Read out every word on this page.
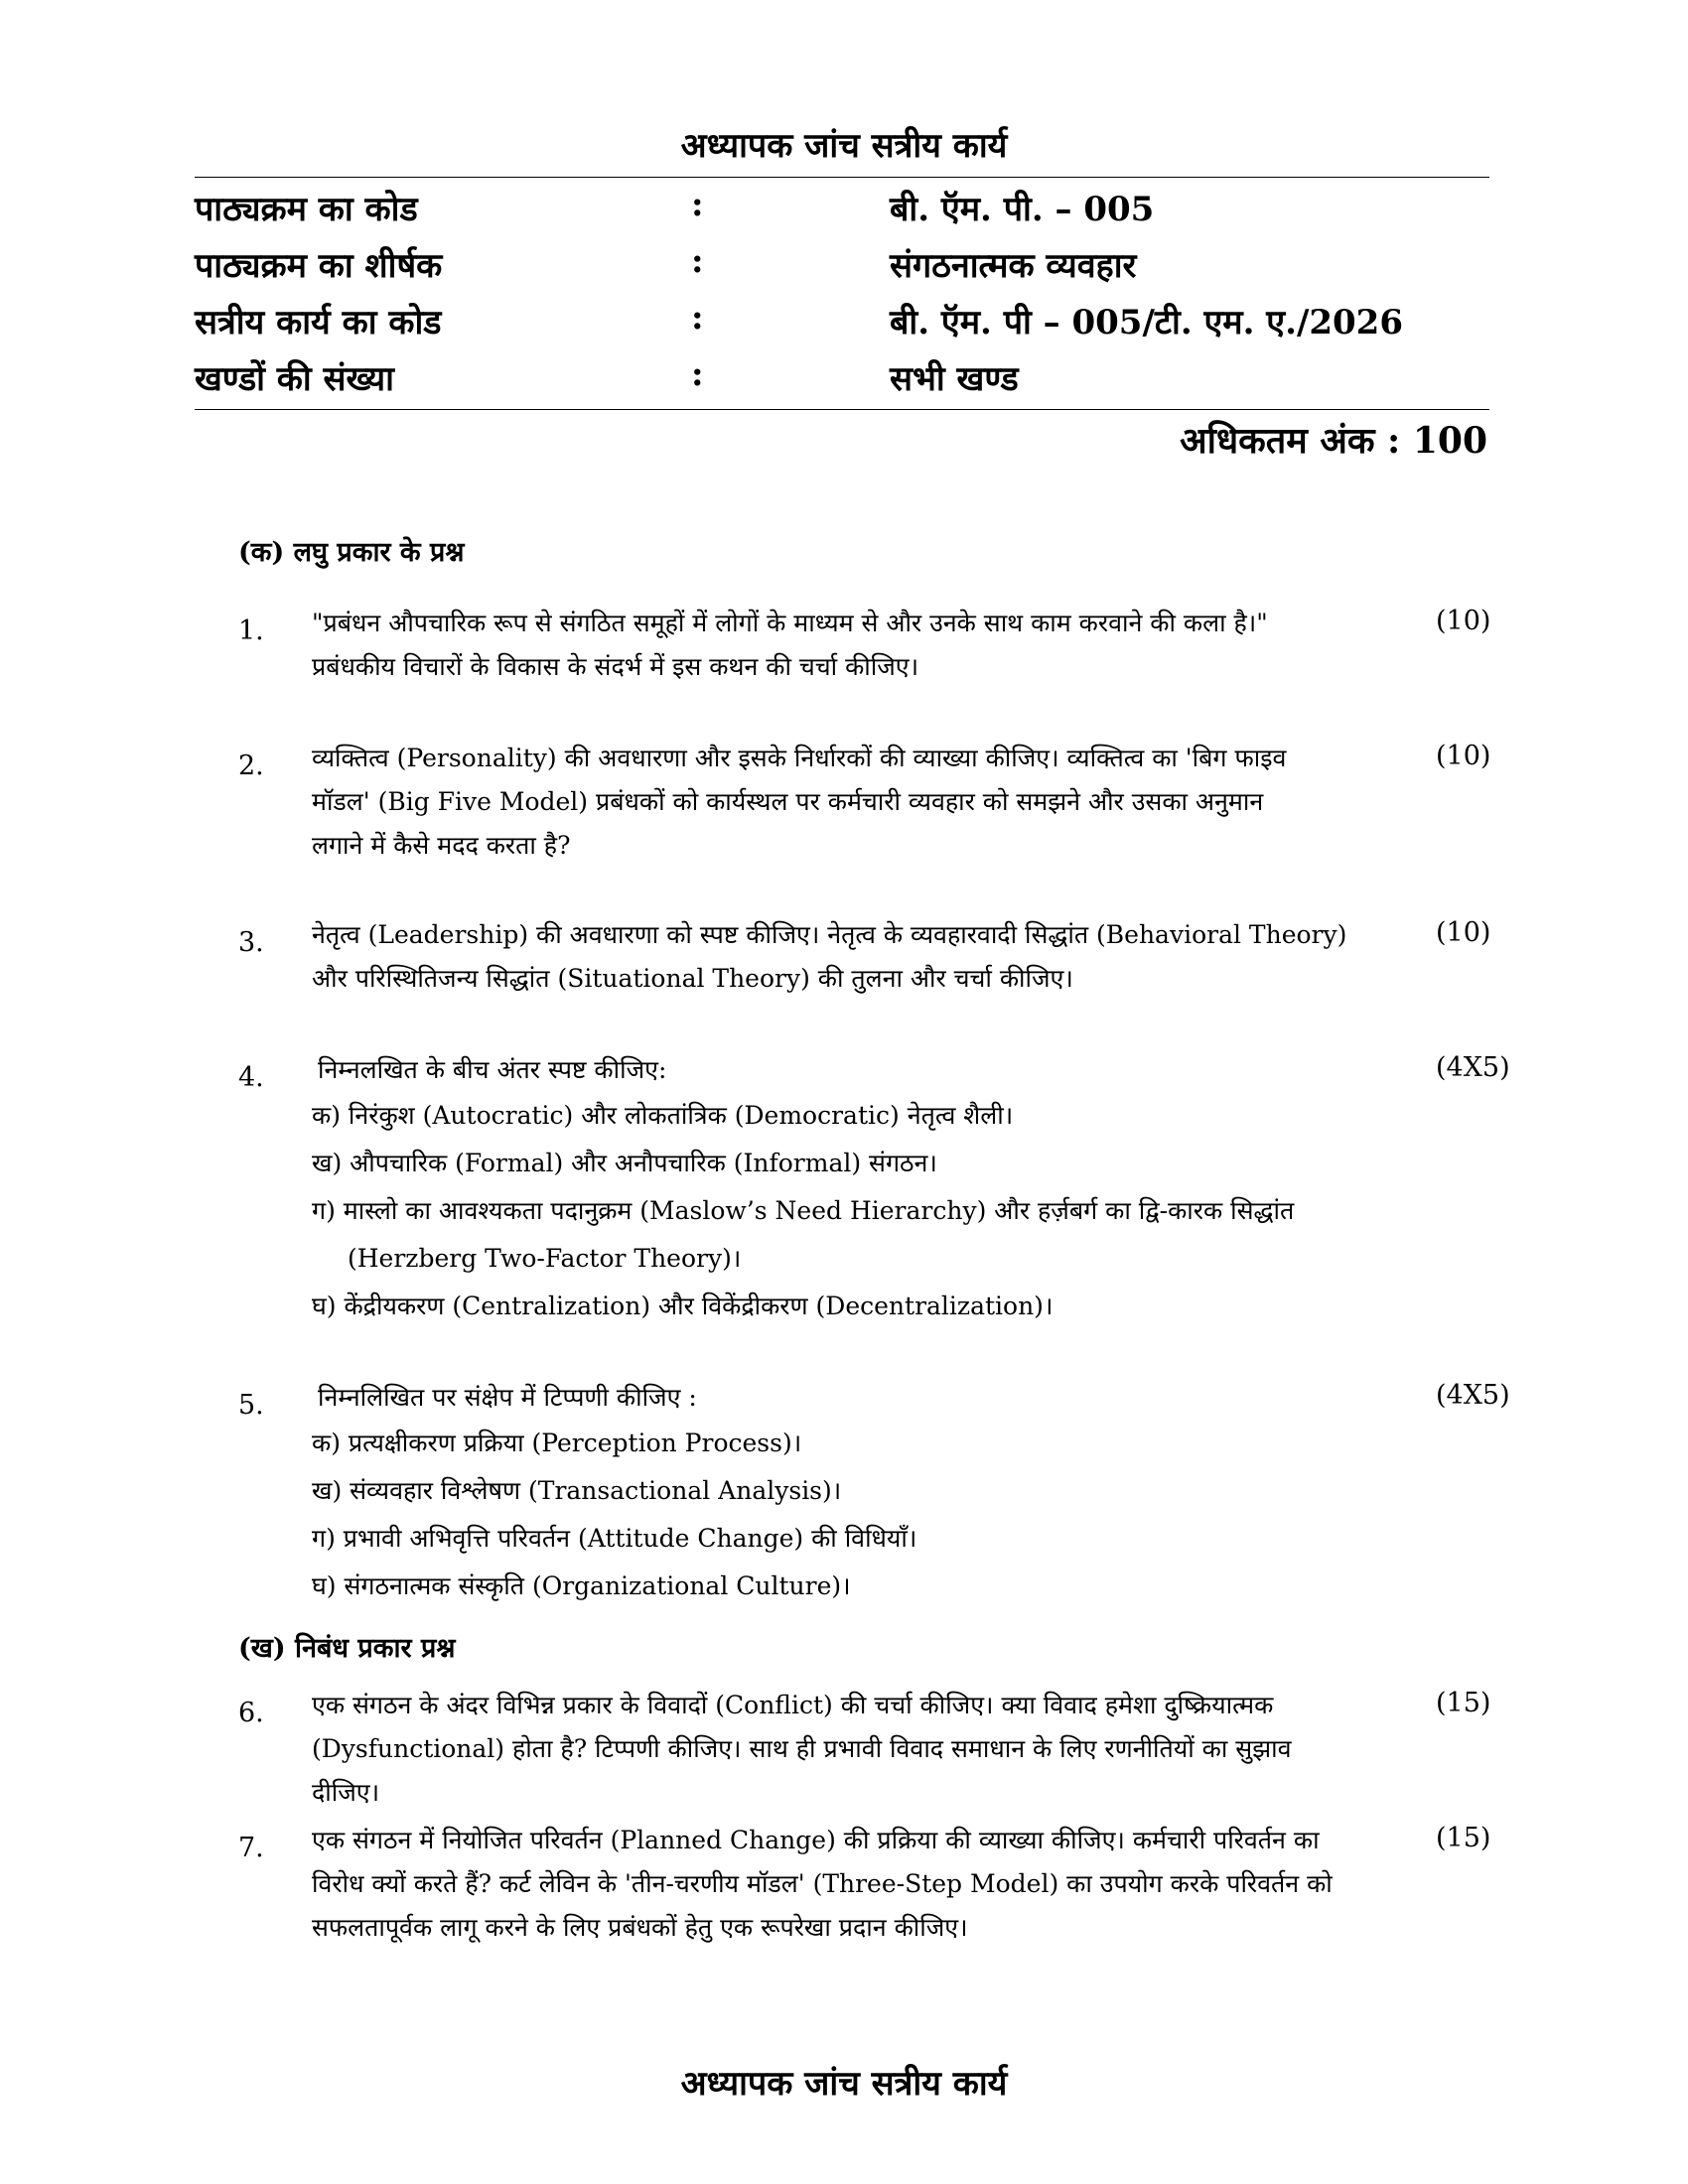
अध्यापक जांच सत्रीय कार्य
पाठ्यक्रम का कोड	:	बी. ऍम. पी. – 005
पाठ्यक्रम का शीर्षक	:	संगठनात्मक व्यवहार
सत्रीय कार्य का कोड	:	बी. ऍम. पी – 005/टी. एम. ए./2026
खण्डों की संख्या	:	सभी खण्ड
अधिकतम अंक : 100
(क) लघु प्रकार के प्रश्न
1. "प्रबंधन औपचारिक रूप से संगठित समूहों में लोगों के माध्यम से और उनके साथ काम करवाने की कला है।"
प्रबंधकीय विचारों के विकास के संदर्भ में इस कथन की चर्चा कीजिए।
(10)
2. व्यक्तित्व (Personality) की अवधारणा और इसके निर्धारकों की व्याख्या कीजिए। व्यक्तित्व का 'बिग फाइव
मॉडल' (Big Five Model) प्रबंधकों को कार्यस्थल पर कर्मचारी व्यवहार को समझने और उसका अनुमान
लगाने में कैसे मदद करता है?
(10)
3. नेतृत्व (Leadership) की अवधारणा को स्पष्ट कीजिए। नेतृत्व के व्यवहारवादी सिद्धांत (Behavioral Theory)
और परिस्थितिजन्य सिद्धांत (Situational Theory) की तुलना और चर्चा कीजिए।
(10)
4. निम्नलखित के बीच अंतर स्पष्ट कीजिए:
क) निरंकुश (Autocratic) और लोकतांत्रिक (Democratic) नेतृत्व शैली।
ख) औपचारिक (Formal) और अनौपचारिक (Informal) संगठन।
ग) मास्लो का आवश्यकता पदानुक्रम (Maslow’s Need Hierarchy) और हर्ज़बर्ग का द्वि-कारक सिद्धांत
(Herzberg Two-Factor Theory)।
घ) केंद्रीयकरण (Centralization) और विकेंद्रीकरण (Decentralization)।
(4X5)
5. निम्नलिखित पर संक्षेप में टिप्पणी कीजिए :
क) प्रत्यक्षीकरण प्रक्रिया (Perception Process)।
ख) संव्यवहार विश्लेषण (Transactional Analysis)।
ग) प्रभावी अभिवृत्ति परिवर्तन (Attitude Change) की विधियाँ।
घ) संगठनात्मक संस्कृति (Organizational Culture)।
(4X5)
(ख) निबंध प्रकार प्रश्न
6. एक संगठन के अंदर विभिन्न प्रकार के विवादों (Conflict) की चर्चा कीजिए। क्या विवाद हमेशा दुष्क्रियात्मक
(Dysfunctional) होता है? टिप्पणी कीजिए। साथ ही प्रभावी विवाद समाधान के लिए रणनीतियों का सुझाव
दीजिए।
(15)
7. एक संगठन में नियोजित परिवर्तन (Planned Change) की प्रक्रिया की व्याख्या कीजिए। कर्मचारी परिवर्तन का
विरोध क्यों करते हैं? कर्ट लेविन के 'तीन-चरणीय मॉडल' (Three-Step Model) का उपयोग करके परिवर्तन को
सफलतापूर्वक लागू करने के लिए प्रबंधकों हेतु एक रूपरेखा प्रदान कीजिए।
(15)
अध्यापक जांच सत्रीय कार्य
